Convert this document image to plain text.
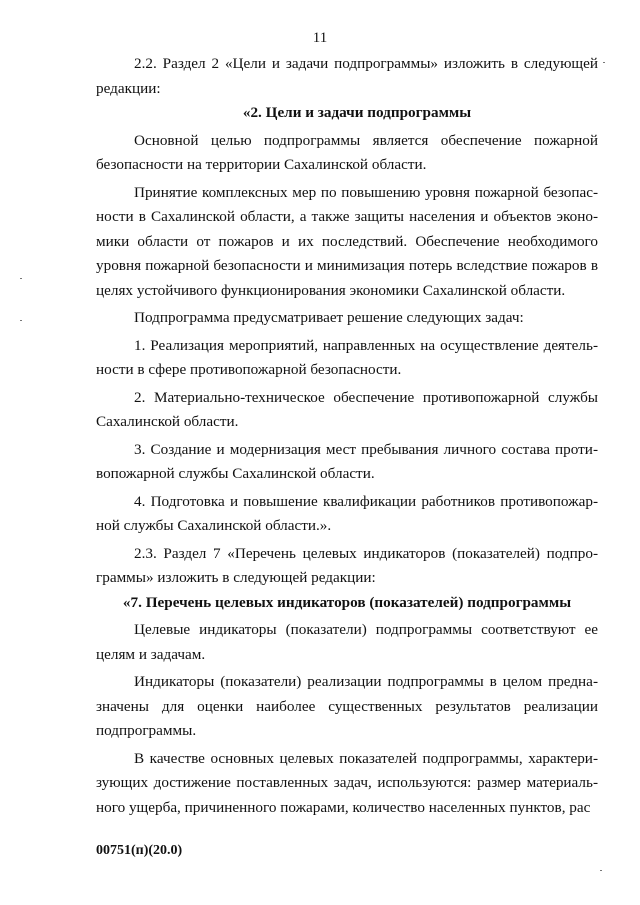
11

2.2. Раздел 2 «Цели и задачи подпрограммы» изложить в следующей редакции:

«2. Цели и задачи подпрограммы

Основной целью подпрограммы является обеспечение пожарной безопасности на территории Сахалинской области.

Принятие комплексных мер по повышению уровня пожарной безопасности в Сахалинской области, а также защиты населения и объектов экономики области от пожаров и их последствий. Обеспечение необходимого уровня пожарной безопасности и минимизация потерь вследствие пожаров в целях устойчивого функционирования экономики Сахалинской области.

Подпрограмма предусматривает решение следующих задач:

1. Реализация мероприятий, направленных на осуществление деятельности в сфере противопожарной безопасности.

2. Материально-техническое обеспечение противопожарной службы Сахалинской области.

3. Создание и модернизация мест пребывания личного состава противопожарной службы Сахалинской области.

4. Подготовка и повышение квалификации работников противопожарной службы Сахалинской области.».

2.3. Раздел 7 «Перечень целевых индикаторов (показателей) подпрограммы» изложить в следующей редакции:

«7. Перечень целевых индикаторов (показателей) подпрограммы

Целевые индикаторы (показатели) подпрограммы соответствуют ее целям и задачам.

Индикаторы (показатели) реализации подпрограммы в целом предназначены для оценки наиболее существенных результатов реализации подпрограммы.

В качестве основных целевых показателей подпрограммы, характеризующих достижение поставленных задач, используются: размер материального ущерба, причиненного пожарами, количество населенных пунктов, рас

00751(п)(20.0)
